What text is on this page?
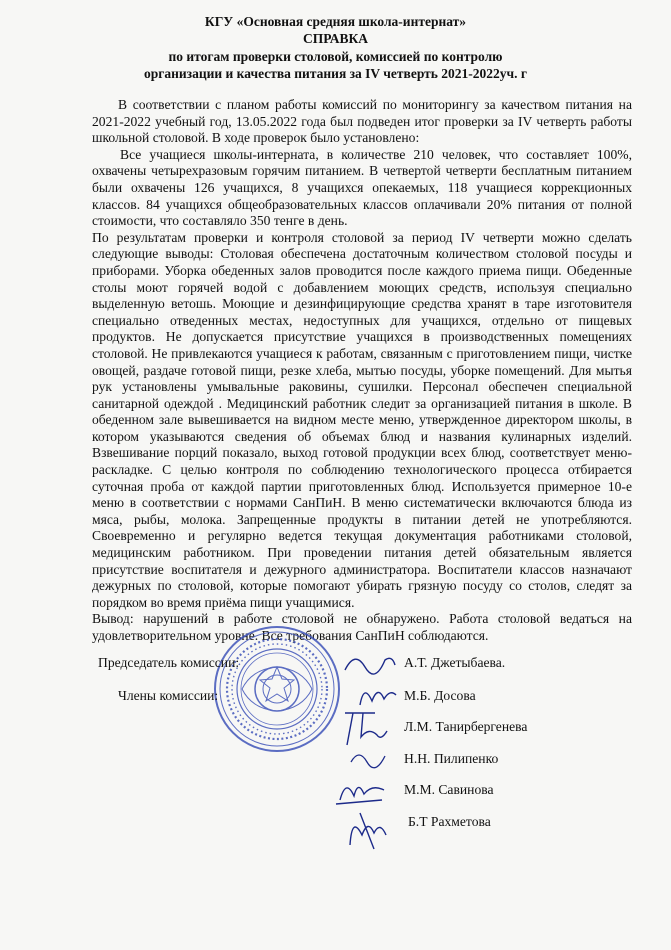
КГУ «Основная средняя школа-интернат»
СПРАВКА
по итогам проверки столовой, комиссией по контролю
организации и качества питания за IV четверть 2021-2022уч. г

В соответствии с планом работы комиссий по мониторингу за качеством питания на 2021-2022 учебный год, 13.05.2022 года был подведен итог проверки за IV четверть работы школьной столовой. В ходе проверок было установлено:

Все учащиеся школы-интерната, в количестве 210 человек, что составляет 100%, охвачены четырехразовым горячим питанием. В четвертой четверти бесплатным питанием были охвачены 126 учащихся, 8 учащихся опекаемых, 118 учащиеся коррекционных классов. 84 учащихся общеобразовательных классов оплачивали 20% питания от полной стоимости, что составляло 350 тенге в день.

По результатам проверки и контроля столовой за период IV четверти можно сделать следующие выводы: Столовая обеспечена достаточным количеством столовой посуды и приборами. Уборка обеденных залов проводится после каждого приема пищи. Обеденные столы моют горячей водой с добавлением моющих средств, используя специально выделенную ветошь. Моющие и дезинфицирующие средства хранят в таре изготовителя специально отведенных местах, недоступных для учащихся, отдельно от пищевых продуктов. Не допускается присутствие учащихся в производственных помещениях столовой. Не привлекаются учащиеся к работам, связанным с приготовлением пищи, чистке овощей, раздаче готовой пищи, резке хлеба, мытью посуды, уборке помещений. Для мытья рук установлены умывальные раковины, сушилки. Персонал обеспечен специальной санитарной одеждой . Медицинский работник следит за организацией питания в школе. В обеденном зале вывешивается на видном месте меню, утвержденное директором школы, в котором указываются сведения об объемах блюд и названия кулинарных изделий. Взвешивание порций показало, выход готовой продукции всех блюд, соответствует меню-раскладке. С целью контроля по соблюдению технологического процесса отбирается суточная проба от каждой партии приготовленных блюд. Используется примерное 10-е меню в соответствии с нормами СанПиН. В меню систематически включаются блюда из мяса, рыбы, молока. Запрещенные продукты в питании детей не употребляются. Своевременно и регулярно ведется текущая документация работниками столовой, медицинским работником. При проведении питания детей обязательным является присутствие воспитателя и дежурного администратора. Воспитатели классов назначают дежурных по столовой, которые помогают убирать грязную посуду со столов, следят за порядком во время приёма пищи учащимися.

Вывод: нарушений в работе столовой не обнаружено. Работа столовой ведаться на удовлетворительном уровне. Все требования СанПиН соблюдаются.

Председатель комиссии:
Члены комиссии:
А.Т. Джетыбаева.
М.Б. Досова
Л.М. Танирбергенева
Н.Н. Пилипенко
М.М. Савинова
Б.Т Рахметова
